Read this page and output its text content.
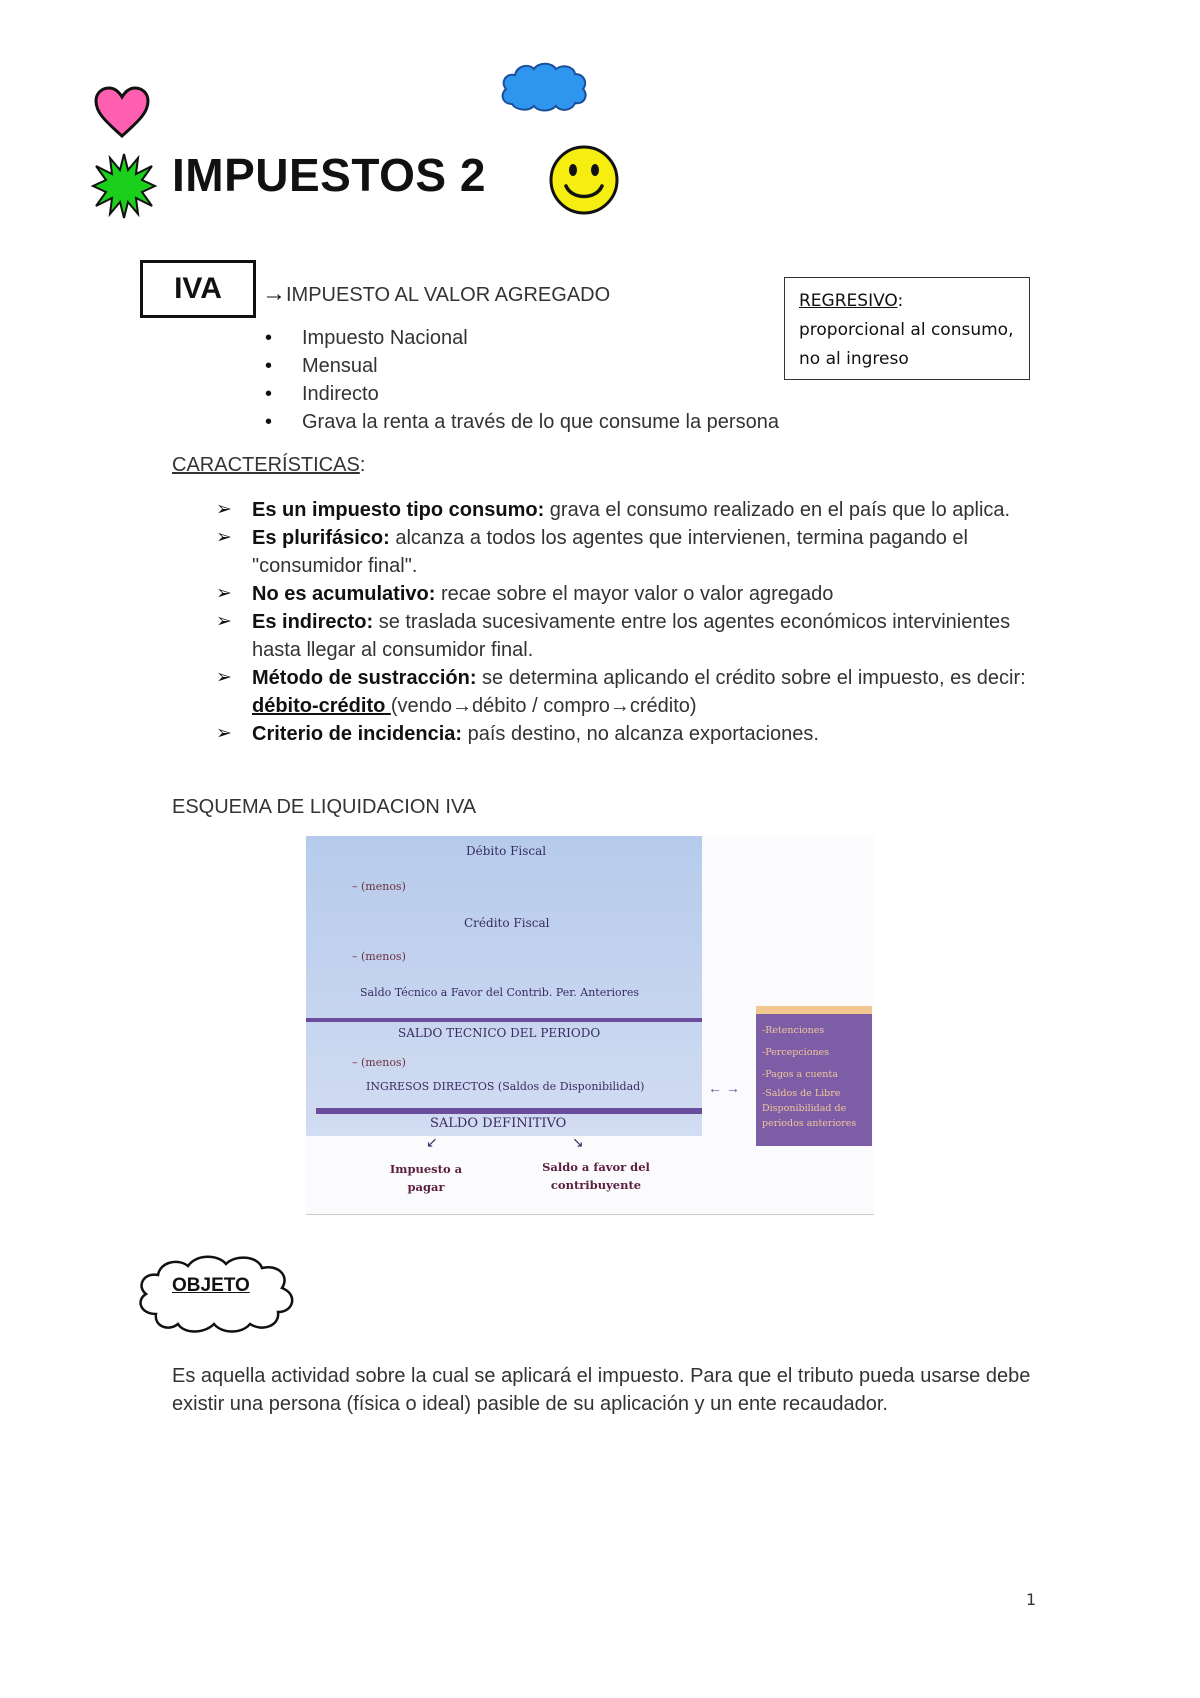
IMPUESTOS 2
IVA →IMPUESTO AL VALOR AGREGADO	REGRESIVO:
proporcional al consumo, no al ingreso
• Impuesto Nacional
• Mensual
• Indirecto
• Grava la renta a través de lo que consume la persona
CARACTERÍSTICAS:
➢ Es un impuesto tipo consumo: grava el consumo realizado en el país que lo aplica.
➢ Es plurifásico: alcanza a todos los agentes que intervienen, termina pagando el "consumidor final".
➢ No es acumulativo: recae sobre el mayor valor o valor agregado
➢ Es indirecto: se traslada sucesivamente entre los agentes económicos intervinientes hasta llegar al consumidor final.
➢ Método de sustracción: se determina aplicando el crédito sobre el impuesto, es decir: débito-crédito (vendo→débito / compro→crédito)
➢ Criterio de incidencia: país destino, no alcanza exportaciones.
ESQUEMA DE LIQUIDACION IVA
Débito Fiscal
– (menos)
Crédito Fiscal
– (menos)
Saldo Técnico a Favor del Contrib. Per. Anteriores
SALDO TECNICO DEL PERIODO
– (menos)
INGRESOS DIRECTOS (Saldos de Disponibilidad)
SALDO DEFINITIVO
↙	↘
Impuesto a
pagar
Saldo a favor del
contribuyente
← →
-Retenciones
-Percepciones
-Pagos a cuenta
-Saldos de Libre Disponibilidad de periodos anteriores
OBJETO

Es aquella actividad sobre la cual se aplicará el impuesto. Para que el tributo pueda usarse debe existir una persona (física o ideal) pasible de su aplicación y un ente recaudador.

1
